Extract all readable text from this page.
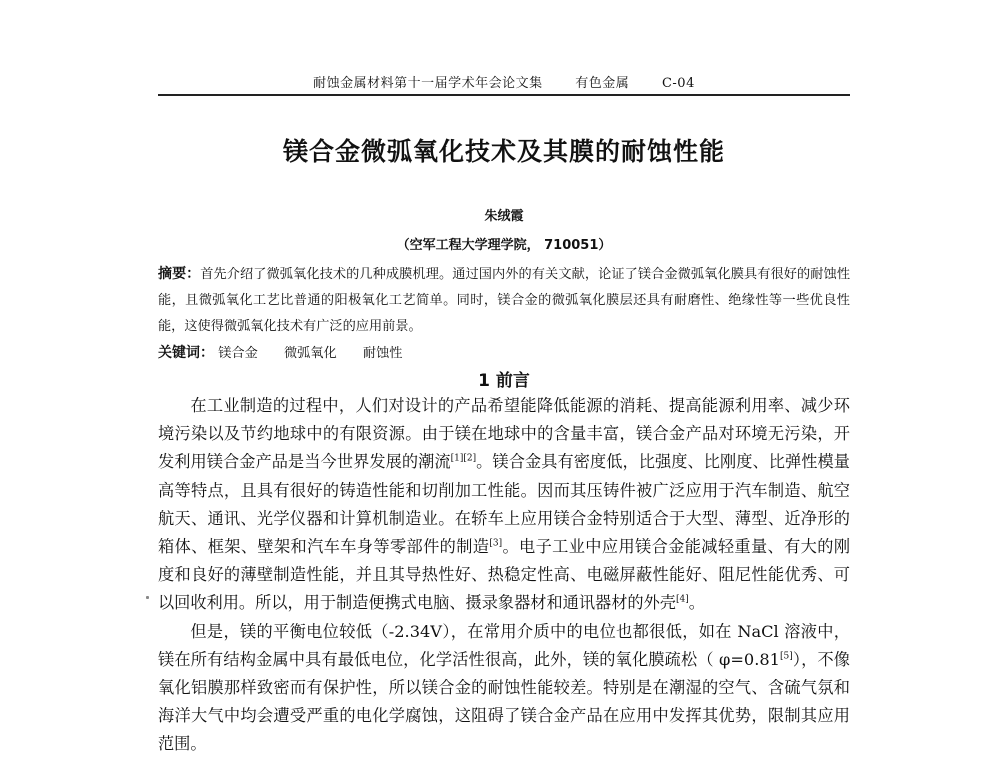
耐蚀金属材料第十一届学术年会论文集	有色金属	C-04
镁合金微弧氧化技术及其膜的耐蚀性能
朱绒霞
（空军工程大学理学院， 710051）
摘要：首先介绍了微弧氧化技术的几种成膜机理。通过国内外的有关文献，论证了镁合金微弧氧化膜具有很好的耐蚀性能，且微弧氧化工艺比普通的阳极氧化工艺简单。同时，镁合金的微弧氧化膜层还具有耐磨性、绝缘性等一些优良性能，这使得微弧氧化技术有广泛的应用前景。
关键词： 镁合金 微弧氧化 耐蚀性
1 前言

在工业制造的过程中，人们对设计的产品希望能降低能源的消耗、提高能源利用率、减少环境污染以及节约地球中的有限资源。由于镁在地球中的含量丰富，镁合金产品对环境无污染，开发利用镁合金产品是当今世界发展的潮流[1][2]。镁合金具有密度低，比强度、比刚度、比弹性模量高等特点，且具有很好的铸造性能和切削加工性能。因而其压铸件被广泛应用于汽车制造、航空航天、通讯、光学仪器和计算机制造业。在轿车上应用镁合金特别适合于大型、薄型、近净形的箱体、框架、壁架和汽车车身等零部件的制造[3]。电子工业中应用镁合金能减轻重量、有大的刚度和良好的薄壁制造性能，并且其导热性好、热稳定性高、电磁屏蔽性能好、阻尼性能优秀、可以回收利用。所以，用于制造便携式电脑、摄录象器材和通讯器材的外壳[4]。

但是，镁的平衡电位较低（-2.34V），在常用介质中的电位也都很低，如在 NaCl 溶液中，镁在所有结构金属中具有最低电位，化学活性很高，此外，镁的氧化膜疏松（ φ=0.81[5]），不像氧化铝膜那样致密而有保护性，所以镁合金的耐蚀性能较差。特别是在潮湿的空气、含硫气氛和海洋大气中均会遭受严重的电化学腐蚀，这阻碍了镁合金产品在应用中发挥其优势，限制其应用范围。
